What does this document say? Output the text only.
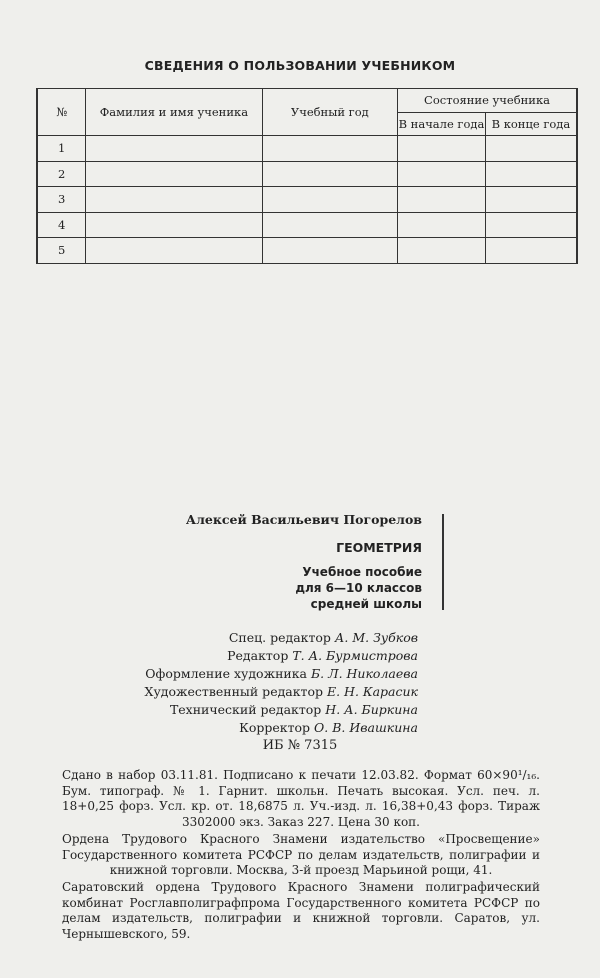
СВЕДЕНИЯ О ПОЛЬЗОВАНИИ УЧЕБНИКОМ
№	Фамилия и имя ученика	Учебный год	Состояние учебника	
			В начале года	В конце года
1				
2				
3				
4				
5				
Алексей Васильевич Погорелов
ГЕОМЕТРИЯ
Учебное пособие
для 6—10 классов
средней школы
Спец. редактор А. М. Зубков
Редактор Т. А. Бурмистрова
Оформление художника Б. Л. Николаева
Художественный редактор Е. Н. Карасик
Технический редактор Н. А. Биркина
Корректор О. В. Ивашкина
ИБ № 7315
Сдано в набор 03.11.81. Подписано к печати 12.03.82. Формат 60×90¹/₁₆. Бум. типограф. № 1. Гарнит. школьн. Печать высокая. Усл. печ. л. 18+0,25 форз. Усл. кр. от. 18,6875 л. Уч.-изд. л. 16,38+0,43 форз. Тираж 3302000 экз. Заказ 227. Цена 30 коп.
Ордена Трудового Красного Знамени издательство «Просвещение» Государственного комитета РСФСР по делам издательств, полиграфии и книжной торговли. Москва, 3-й проезд Марьиной рощи, 41.
Саратовский ордена Трудового Красного Знамени полиграфический комбинат Росглавполиграфпрома Государственного комитета РСФСР по делам издательств, полиграфии и книжной торговли. Саратов, ул. Чернышевского, 59.
